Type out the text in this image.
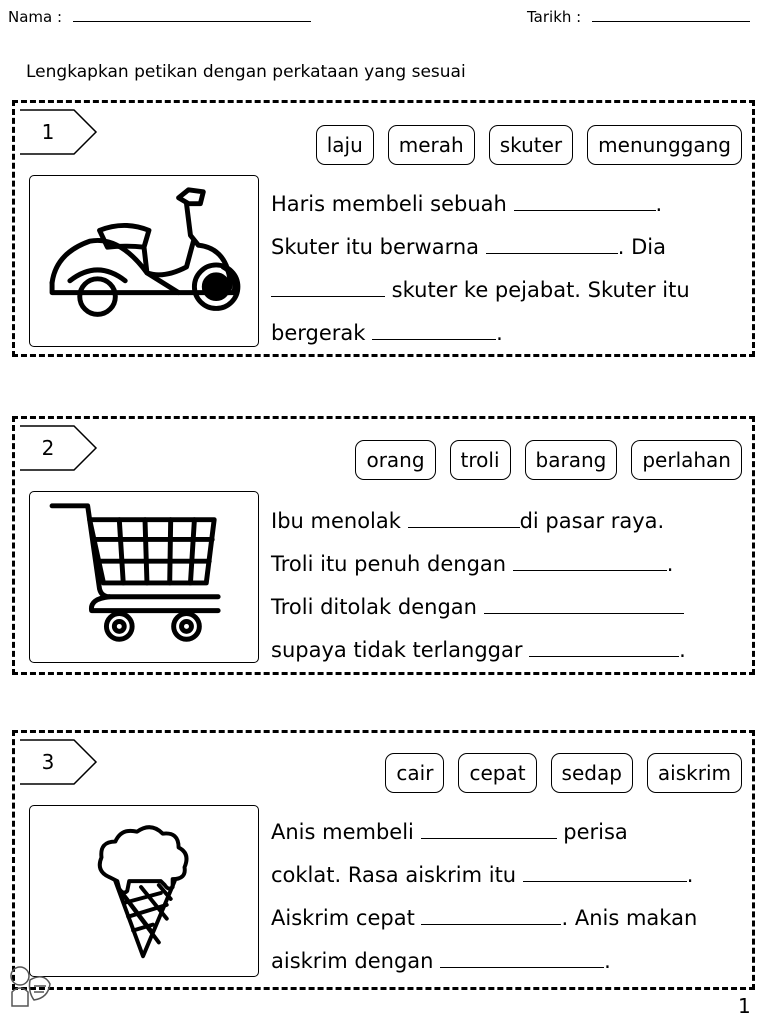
Nama :	Tarikh :
Lengkapkan petikan dengan perkataan yang sesuai
1
laju	merah	skuter	menunggang
Haris membeli sebuah	.
Skuter itu berwarna	. Dia
skuter ke pejabat. Skuter itu
bergerak	.
2	orang	troli	barang	perlahan
Ibu menolak	di pasar raya.
Troli itu penuh dengan	.
Troli ditolak dengan
supaya tidak terlanggar	.
3	cair	cepat	sedap	aiskrim
Anis membeli	perisa
coklat. Rasa aiskrim itu	.
Aiskrim cepat	. Anis makan
aiskrim dengan	.
1
